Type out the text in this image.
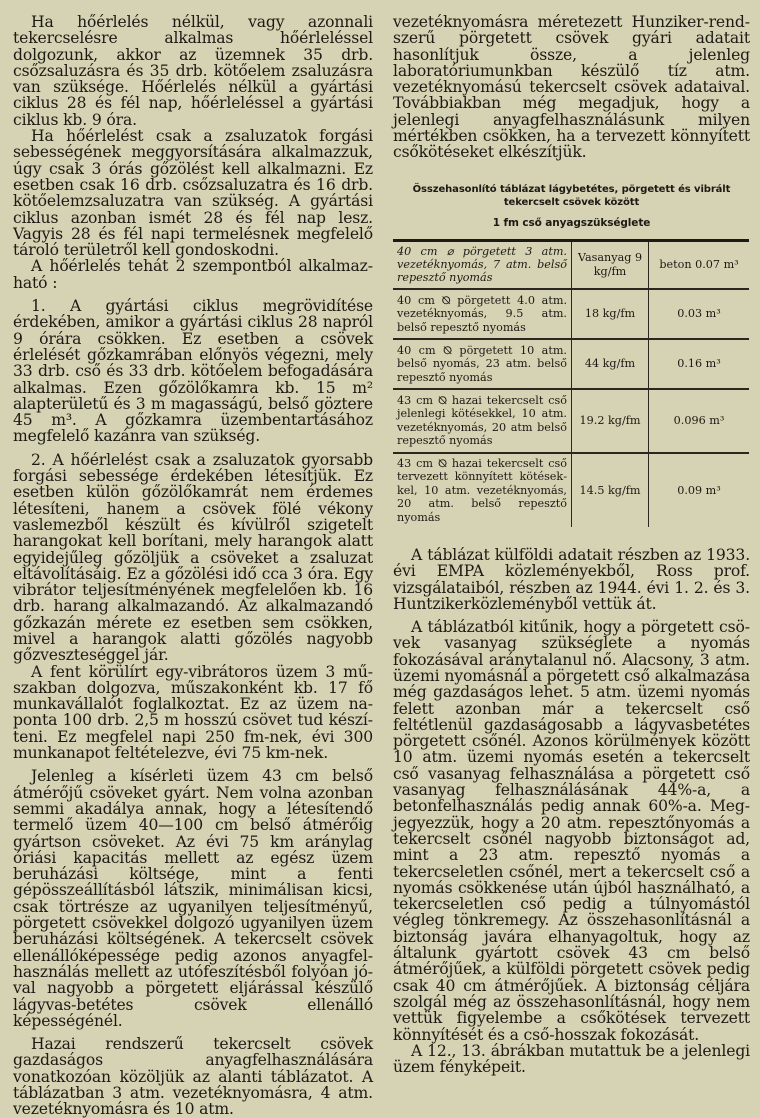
Ha hőérlelés nélkül, vagy azonnali tekercselésre alkalmas hőérleléssel dolgozunk, akkor az üzemnek 35 drb. csőzsaluzásra és 35 drb. kötőelem zsaluzásra van szüksége. Hőérlelés nélkül a gyártási ciklus 28 és fél nap, hőérleléssel a gyártási ciklus kb. 9 óra.

Ha hőérlelést csak a zsaluzatok forgási sebességének meggyorsítására alkalmazzuk, úgy csak 3 órás gőzölést kell alkalmazni. Ez esetben csak 16 drb. csőzsaluzatra és 16 drb. kötőelemzsaluzatra van szükség. A gyártási ciklus azonban ismét 28 és fél nap lesz. Vagyis 28 és fél napi termelésnek megfelelő tároló területről kell gondoskodni.

A hőérlelés tehát 2 szempontból alkalmazható :

1. A gyártási ciklus megrövidítése érdekében, amikor a gyártási ciklus 28 napról 9 órára csökken. Ez esetben a csövek érlelését gőzkamrában előnyös végezni, mely 33 drb. cső és 33 drb. kötőelem befogadására alkalmas. Ezen gőzölőkamra kb. 15 m² alapterületű és 3 m magasságú, belső göztere 45 m³. A gőzkamra üzembentartásához megfelelő kazánra van szükség.

2. A hőérlelést csak a zsaluzatok gyorsabb forgási sebessége érdekében létesítjük. Ez esetben külön gőzölőkamrát nem érdemes létesíteni, hanem a csövek fölé vékony vaslemezből készült és kívülről szigetelt harangokat kell borítani, mely harangok alatt egyidejűleg gőzöljük a csöveket a zsaluzat eltávolításáig. Ez a gőzölési idő cca 3 óra. Egy vibrátor teljesítményének megfelelően kb. 16 drb. harang alkalmazandó. Az alkalmazandó gőzkazán mérete ez esetben sem csökken, mivel a harangok alatti gőzölés nagyobb gőzveszteséggel jár.

A fent körülírt egy-vibrátoros üzem 3 műszakban dolgozva, műszakonként kb. 17 fő munkavállalót foglalkoztat. Ez az üzem naponta 100 drb. 2,5 m hosszú csövet tud készíteni. Ez megfelel napi 250 fm-nek, évi 300 munkanapot feltételezve, évi 75 km-nek.

Jelenleg a kísérleti üzem 43 cm belső átmérőjű csöveket gyárt. Nem volna azonban semmi akadálya annak, hogy a létesítendő termelő üzem 40—100 cm belső átmérőig gyártson csöveket. Az évi 75 km aránylag óriási kapacitás mellett az egész üzem beruházási költsége, mint a fenti gépösszeállításból látszik, minimálisan kicsi, csak törtrésze az ugyanilyen teljesítményű, pörgetett csövekkel dolgozó ugyanilyen üzem beruházási költségének. A tekercselt csövek ellenállóképessége pedig azonos anyagfelhasználás mellett az utófeszítésből folyóan jóval nagyobb a pörgetett eljárással készülő lágyvas-betétes csövek ellenálló képességénél.

Hazai rendszerű tekercselt csövek gazdaságos anyagfelhasználására vonatkozóan közöljük az alanti táblázatot. A táblázatban 3 atm. vezetéknyomásra, 4 atm. vezetéknyomásra és 10 atm.

vezetéknyomásra méretezett Hunziker-rendszerű pörgetett csövek gyári adatait hasonlítjuk össze, a jelenleg laboratóriumunkban készülő tíz atm. vezetéknyomású tekercselt csövek adataival. Továbbiakban még megadjuk, hogy a jelenlegi anyagfelhasználásunk milyen mértékben csökken, ha a tervezett könnyített csőkötéseket elkészítjük.

Összehasonlító táblázat lágybetétes, pörgetett és vibrált tekercselt csövek között
1 fm cső anyagszükséglete
40 cm ⌀ pörgetett 3 atm. vezetéknyomás, 7 atm. belső repesztő nyomás	Vasanyag 9 kg/fm	beton 0.07 m³
40 cm ⦰ pörgetett 4.0 atm. vezetéknyomás, 9.5 atm. belső repesztő nyomás	18 kg/fm	0.03 m³
40 cm ⦰ pörgetett 10 atm. belső nyomás, 23 atm. belső repesztő nyomás	44 kg/fm	0.16 m³
43 cm ⦰ hazai tekercselt cső jelenlegi kötésekkel, 10 atm. vezetéknyomás, 20 atm belső repesztő nyomás	19.2 kg/fm	0.096 m³
43 cm ⦰ hazai tekercselt cső tervezett könnyített kötésekkel, 10 atm. vezetéknyomás, 20 atm. belső repesztő nyomás	14.5 kg/fm	0.09 m³

A táblázat külföldi adatait részben az 1933. évi EMPA közleményekből, Ross prof. vizsgálataiból, részben az 1944. évi 1. 2. és 3. Huntzikerközleményből vettük át.

A táblázatból kitűnik, hogy a pörgetett csövek vasanyag szükséglete a nyomás fokozásával aránytalanul nő. Alacsony, 3 atm. üzemi nyomásnál a pörgetett cső alkalmazása még gazdaságos lehet. 5 atm. üzemi nyomás felett azonban már a tekercselt cső feltétlenül gazdaságosabb a lágyvasbetétes pörgetett csőnél. Azonos körülmények között 10 atm. üzemi nyomás esetén a tekercselt cső vasanyag felhasználása a pörgetett cső vasanyag felhasználásának 44%-a, a betonfelhasználás pedig annak 60%-a. Megjegyezzük, hogy a 20 atm. repesztőnyomás a tekercselt csőnél nagyobb biztonságot ad, mint a 23 atm. repesztő nyomás a tekercseletlen csőnél, mert a tekercselt cső a nyomás csökkenése után újból használható, a tekercseletlen cső pedig a túlnyomástól végleg tönkremegy. Az összehasonlításnál a biztonság javára elhanyagoltuk, hogy az általunk gyártott csövek 43 cm belső átmérőjűek, a külföldi pörgetett csövek pedig csak 40 cm átmérőjűek. A biztonság céljára szolgál még az összehasonlításnál, hogy nem vettük figyelembe a csőkötések tervezett könnyítését és a cső-hosszak fokozását.

A 12., 13. ábrákban mutattuk be a jelenlegi üzem fényképeit.
